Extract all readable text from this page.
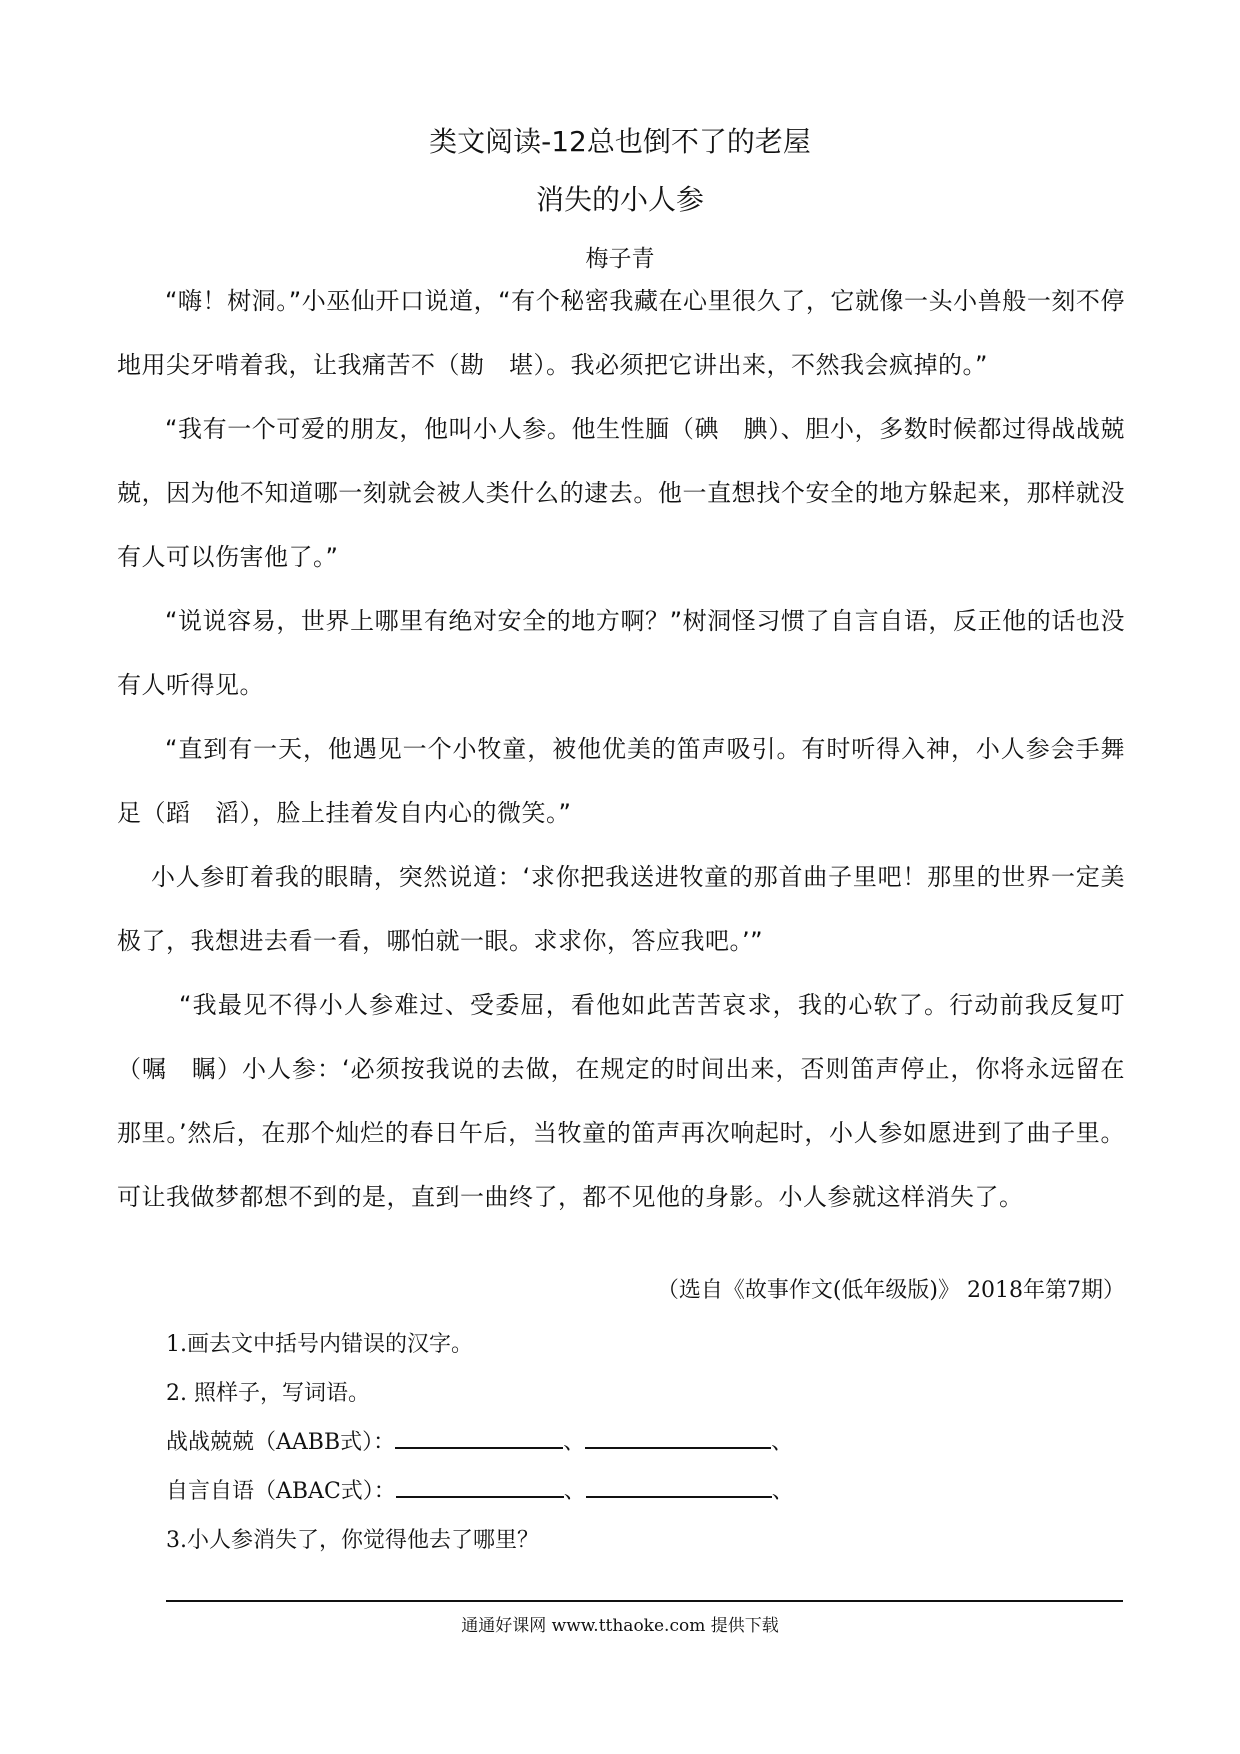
类文阅读-12总也倒不了的老屋
消失的小人参
梅子青

“嗨！树洞。”小巫仙开口说道，“有个秘密我藏在心里很久了，它就像一头小兽般一刻不停地用尖牙啃着我，让我痛苦不（勘　堪）。我必须把它讲出来，不然我会疯掉的。”

“我有一个可爱的朋友，他叫小人参。他生性腼（碘　腆）、胆小，多数时候都过得战战兢兢，因为他不知道哪一刻就会被人类什么的逮去。他一直想找个安全的地方躲起来，那样就没有人可以伤害他了。”

“说说容易，世界上哪里有绝对安全的地方啊？”树洞怪习惯了自言自语，反正他的话也没有人听得见。

“直到有一天，他遇见一个小牧童，被他优美的笛声吸引。有时听得入神，小人参会手舞足（蹈　滔），脸上挂着发自内心的微笑。”

小人参盯着我的眼睛，突然说道：‘求你把我送进牧童的那首曲子里吧！那里的世界一定美极了，我想进去看一看，哪怕就一眼。求求你，答应我吧。’”

“我最见不得小人参难过、受委屈，看他如此苦苦哀求，我的心软了。行动前我反复叮（嘱　瞩）小人参：‘必须按我说的去做，在规定的时间出来，否则笛声停止，你将永远留在那里。’然后，在那个灿烂的春日午后，当牧童的笛声再次响起时，小人参如愿进到了曲子里。可让我做梦都想不到的是，直到一曲终了，都不见他的身影。小人参就这样消失了。

（选自《故事作文(低年级版)》 2018年第7期）
1.画去文中括号内错误的汉字。
2. 照样子，写词语。
战战兢兢（AABB式）：	、	、
自言自语（ABAC式）：	、	、
3.小人参消失了，你觉得他去了哪里？
通通好课网 www.tthaoke.com 提供下载
